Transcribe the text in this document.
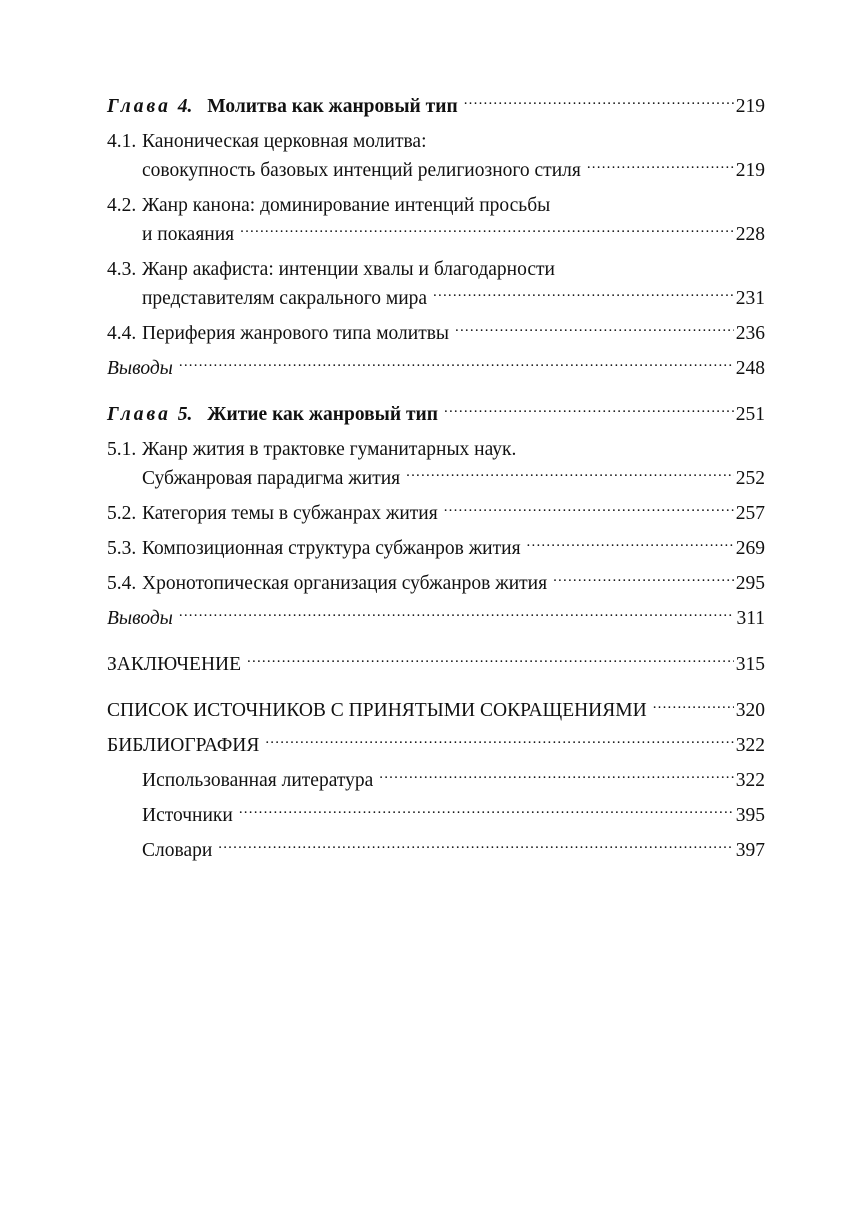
Глава 4. Молитва как жанровый тип .....	219
4.1. Каноническая церковная молитва:
совокупность базовых интенций религиозного стиля .....	219
4.2. Жанр канона: доминирование интенций просьбы
и покаяния .....	228
4.3. Жанр акафиста: интенции хвалы и благодарности
представителям сакрального мира .....	231
4.4. Периферия жанрового типа молитвы .....	236
Выводы .....	248
Глава 5. Житие как жанровый тип .....	251
5.1. Жанр жития в трактовке гуманитарных наук.
Субжанровая парадигма жития .....	252
5.2. Категория темы в субжанрах жития .....	257
5.3. Композиционная структура субжанров жития .....	269
5.4. Хронотопическая организация субжанров жития .....	295
Выводы .....	311
ЗАКЛЮЧЕНИЕ .....	315
СПИСОК ИСТОЧНИКОВ С ПРИНЯТЫМИ СОКРАЩЕНИЯМИ .....	320
БИБЛИОГРАФИЯ .....	322
Использованная литература .....	322
Источники .....	395
Словари .....	397
